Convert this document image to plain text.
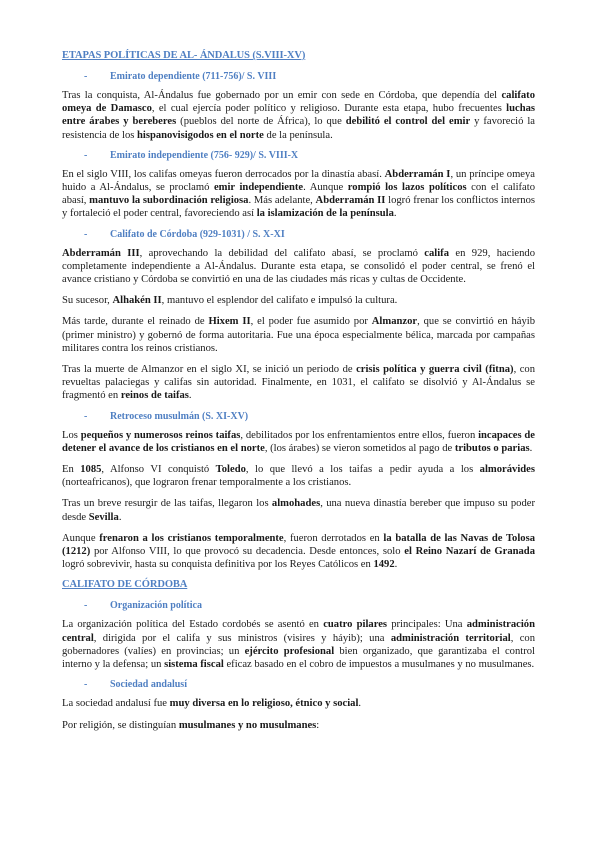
ETAPAS POLÍTICAS DE AL- ÁNDALUS (S.VIII-XV)
- Emirato dependiente (711-756)/ S. VIII

Tras la conquista, Al-Ándalus fue gobernado por un emir con sede en Córdoba, que dependía del califato omeya de Damasco, el cual ejercía poder político y religioso. Durante esta etapa, hubo frecuentes luchas entre árabes y bereberes (pueblos del norte de África), lo que debilitó el control del emir y favoreció la resistencia de los hispanovisigodos en el norte de la península.

- Emirato independiente (756- 929)/ S. VIII-X

En el siglo VIII, los califas omeyas fueron derrocados por la dinastía abasí. Abderramán I, un príncipe omeya huido a Al-Ándalus, se proclamó emir independiente. Aunque rompió los lazos políticos con el califato abasí, mantuvo la subordinación religiosa. Más adelante, Abderramán II logró frenar los conflictos internos y fortaleció el poder central, favoreciendo así la islamización de la península.

- Califato de Córdoba (929-1031) / S. X-XI

Abderramán III, aprovechando la debilidad del califato abasí, se proclamó califa en 929, haciendo completamente independiente a Al-Ándalus. Durante esta etapa, se consolidó el poder central, se frenó el avance cristiano y Córdoba se convirtió en una de las ciudades más ricas y cultas de Occidente.

Su sucesor, Alhakén II, mantuvo el esplendor del califato e impulsó la cultura.

Más tarde, durante el reinado de Hixem II, el poder fue asumido por Almanzor, que se convirtió en háyib (primer ministro) y gobernó de forma autoritaria. Fue una época especialmente bélica, marcada por campañas militares contra los reinos cristianos.

Tras la muerte de Almanzor en el siglo XI, se inició un periodo de crisis política y guerra civil (fitna), con revueltas palaciegas y califas sin autoridad. Finalmente, en 1031, el califato se disolvió y Al-Ándalus se fragmentó en reinos de taifas.

- Retroceso musulmán (S. XI-XV)

Los pequeños y numerosos reinos taifas, debilitados por los enfrentamientos entre ellos, fueron incapaces de detener el avance de los cristianos en el norte, (los árabes) se vieron sometidos al pago de tributos o parias.

En 1085, Alfonso VI conquistó Toledo, lo que llevó a los taifas a pedir ayuda a los almorávides (norteafricanos), que lograron frenar temporalmente a los cristianos.

Tras un breve resurgir de las taifas, llegaron los almohades, una nueva dinastía bereber que impuso su poder desde Sevilla.

Aunque frenaron a los cristianos temporalmente, fueron derrotados en la batalla de las Navas de Tolosa (1212) por Alfonso VIII, lo que provocó su decadencia. Desde entonces, solo el Reino Nazarí de Granada logró sobrevivir, hasta su conquista definitiva por los Reyes Católicos en 1492.

CALIFATO DE CÓRDOBA
- Organización política

La organización política del Estado cordobés se asentó en cuatro pilares principales: Una administración central, dirigida por el califa y sus ministros (visires y háyib); una administración territorial, con gobernadores (valíes) en provincias; un ejército profesional bien organizado, que garantizaba el control interno y la defensa; un sistema fiscal eficaz basado en el cobro de impuestos a musulmanes y no musulmanes.

- Sociedad andalusí

La sociedad andalusí fue muy diversa en lo religioso, étnico y social.

Por religión, se distinguían musulmanes y no musulmanes:
